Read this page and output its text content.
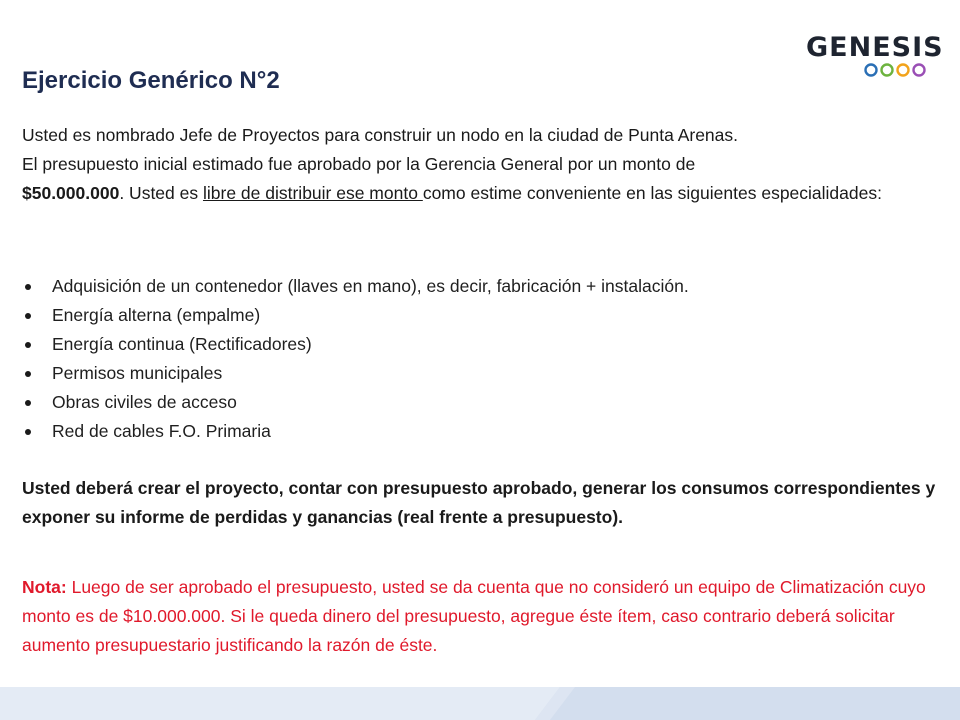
GENESIS
Ejercicio Genérico N°2

Usted es nombrado Jefe de Proyectos para construir un nodo en la ciudad de Punta Arenas.

El presupuesto inicial estimado fue aprobado por la Gerencia General por un monto de
$50.000.000. Usted es libre de distribuir ese monto como estime conveniente en las siguientes especialidades:

Adquisición de un contenedor (llaves en mano), es decir, fabricación + instalación.
Energía alterna (empalme)
Energía continua (Rectificadores)
Permisos municipales
Obras civiles de acceso
Red de cables F.O. Primaria

Usted deberá crear el proyecto, contar con presupuesto aprobado, generar los consumos correspondientes y exponer su informe de perdidas y ganancias (real frente a presupuesto).

Nota: Luego de ser aprobado el presupuesto, usted se da cuenta que no consideró un equipo de Climatización cuyo monto es de $10.000.000. Si le queda dinero del presupuesto, agregue éste ítem, caso contrario deberá solicitar aumento presupuestario justificando la razón de éste.
